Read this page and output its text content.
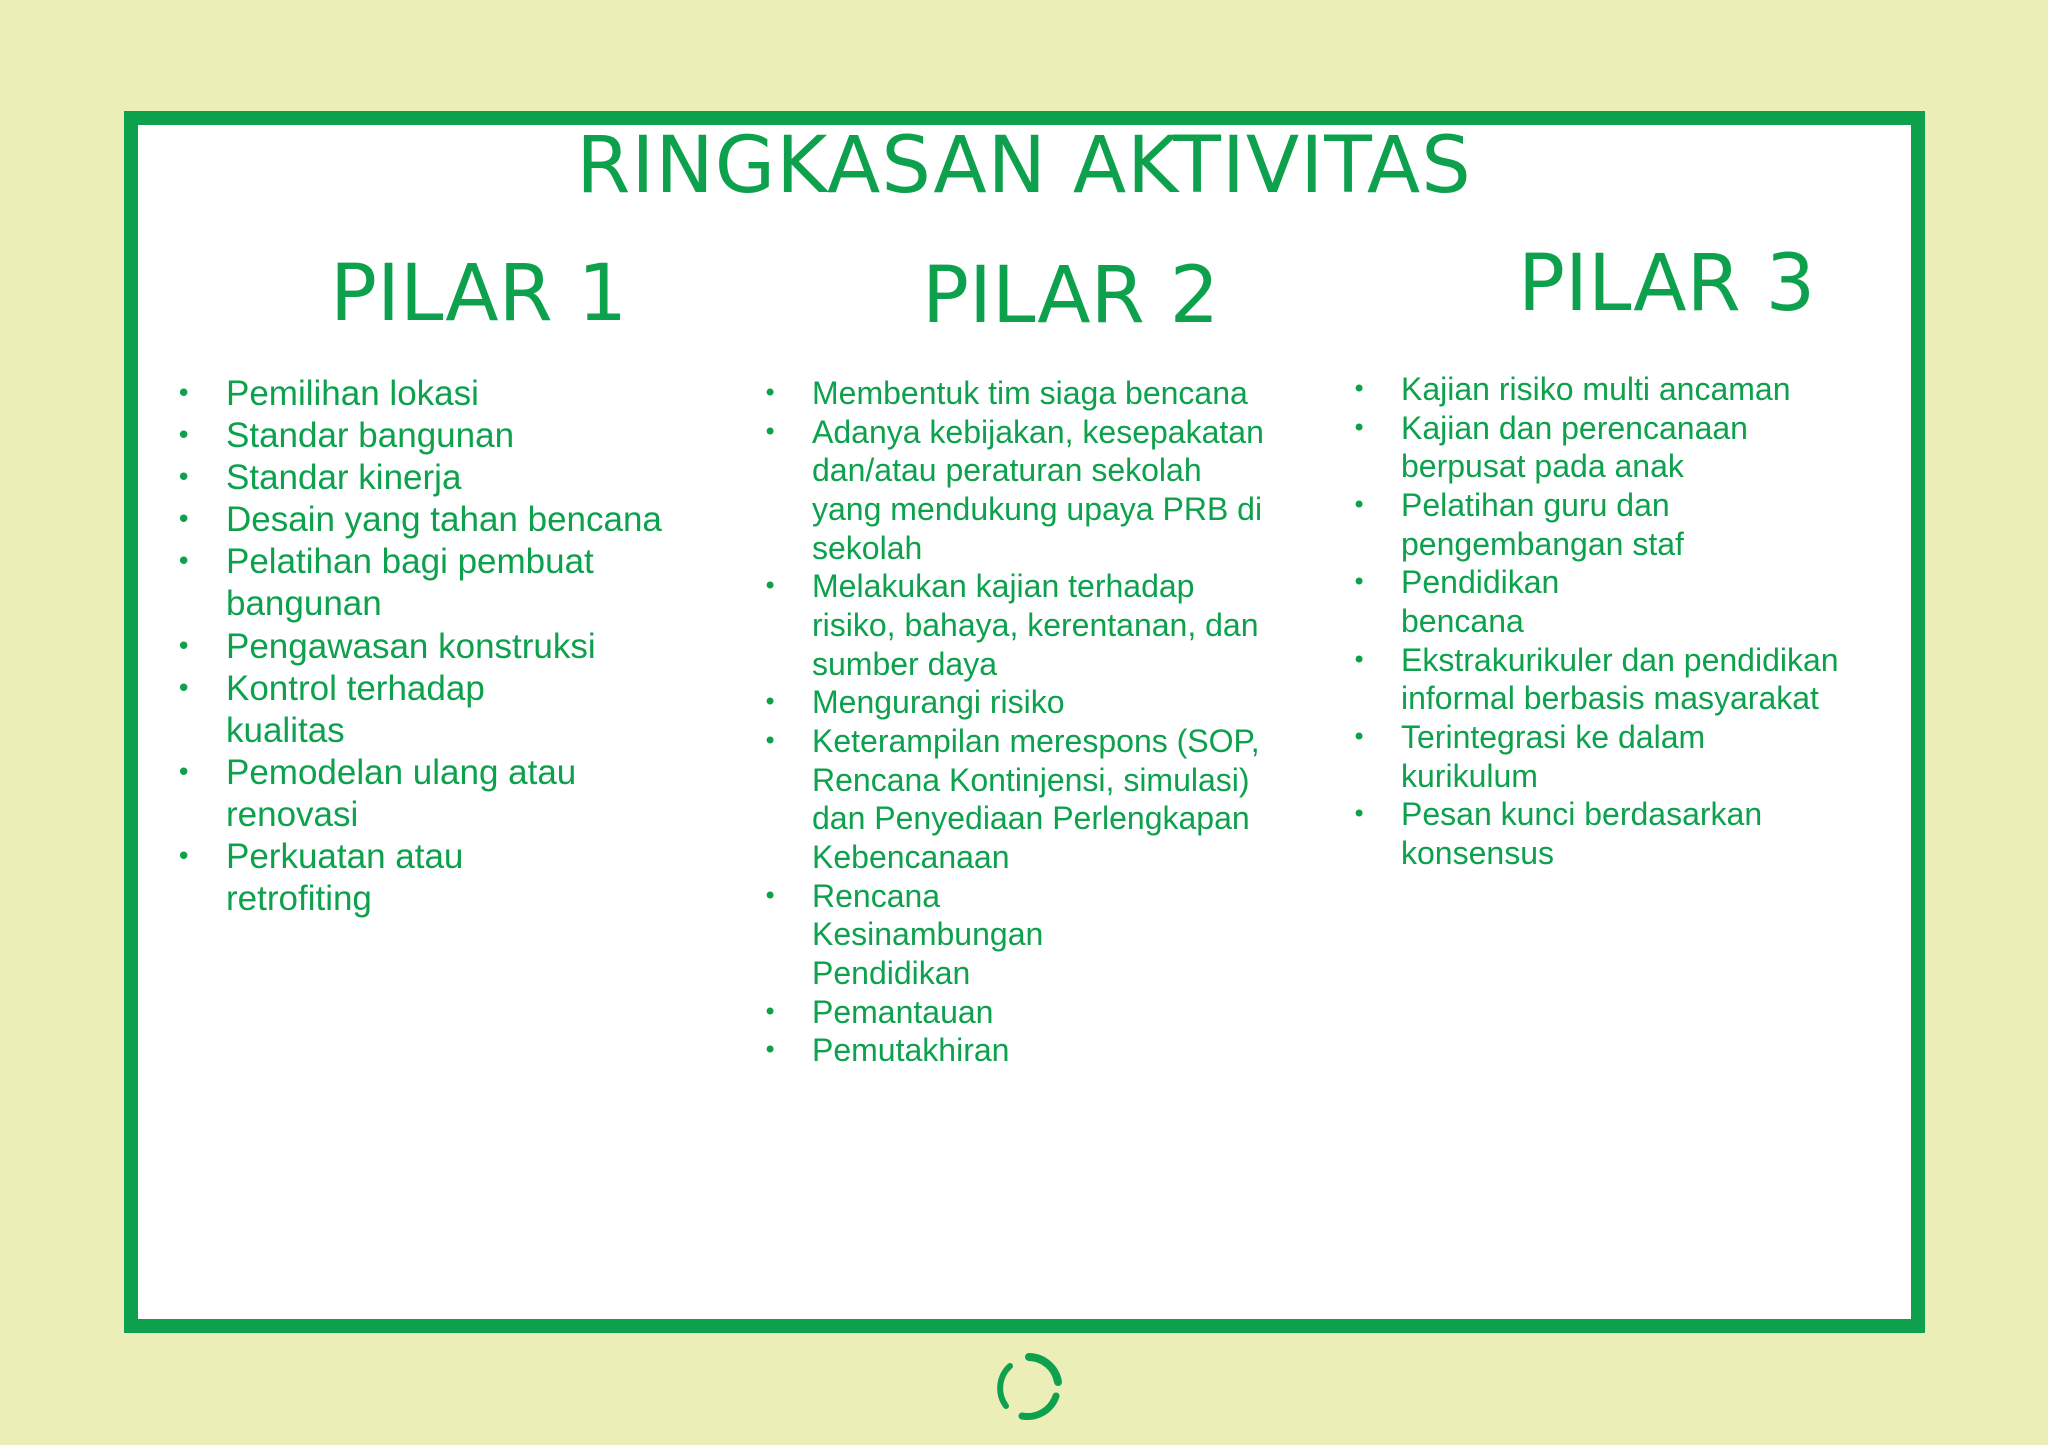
RINGKASAN AKTIVITAS
PILAR 1	PILAR 2	PILAR 3
• Pemilihan lokasi
• Standar bangunan
• Standar kinerja
• Desain yang tahan bencana
• Pelatihan bagi pembuat
bangunan
• Pengawasan konstruksi
• Kontrol terhadap
kualitas
• Pemodelan ulang atau
renovasi
• Perkuatan atau
retrofiting
• Membentuk tim siaga bencana
• Adanya kebijakan, kesepakatan
dan/atau peraturan sekolah
yang mendukung upaya PRB di
sekolah
• Melakukan kajian terhadap
risiko, bahaya, kerentanan, dan
sumber daya
• Mengurangi risiko
• Keterampilan merespons (SOP,
Rencana Kontinjensi, simulasi)
dan Penyediaan Perlengkapan
Kebencanaan
• Rencana
Kesinambungan
Pendidikan
• Pemantauan
• Pemutakhiran
• Kajian risiko multi ancaman
• Kajian dan perencanaan
berpusat pada anak
• Pelatihan guru dan
pengembangan staf
• Pendidikan
bencana
• Ekstrakurikuler dan pendidikan
informal berbasis masyarakat
• Terintegrasi ke dalam
kurikulum
• Pesan kunci berdasarkan
konsensus
